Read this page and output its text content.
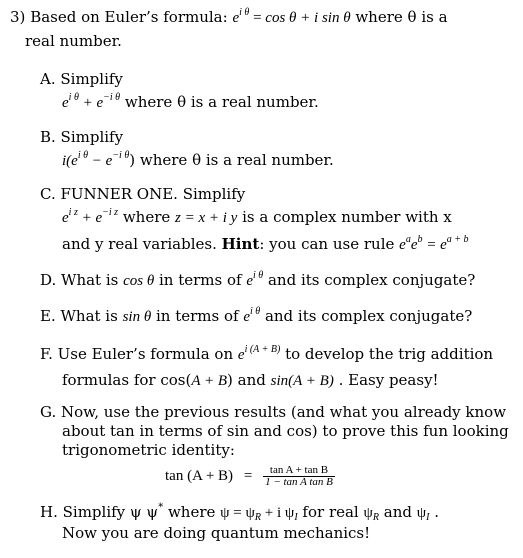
3) Based on Euler’s formula: $e^{i \theta} = \cos \theta + i$ sin θ where θ is a
real number.
A. Simplify
$e^{i \theta} + e^{-i \theta}$ where θ is a real number.
B. Simplify
$i(e^{i \theta} - e^{-i \theta})$ where θ is a real number.
C. FUNNER ONE. Simplify
$e^{i z} + e^{-i z}$ where z = x + i y is a complex number with x
and y real variables. Hint: you can use rule $e^ae^b = e^{a + b}$
D. What is cos θ in terms of $e^{i \theta}$ and its complex conjugate?
E. What is sin θ in terms of $e^{i \theta}$ and its complex conjugate?
F. Use Euler’s formula on $e^{i (A + B)}$ to develop the trig addition
formulas for cos(A + B) and sin(A + B) . Easy peasy!
G. Now, use the previous results (and what you already know
about tan in terms of sin and cos) to prove this fun looking
trigonometric identity:
$\tan (A + B) = \frac{\text{tan A + tan B}}{\text{1 − tan A tan B}}$
H. Simplify ψ ψ* where $\psi = \psi_R + i$ $\psi_I$ for real $\psi_R$ and $\psi_I$ .
Now you are doing quantum mechanics!
